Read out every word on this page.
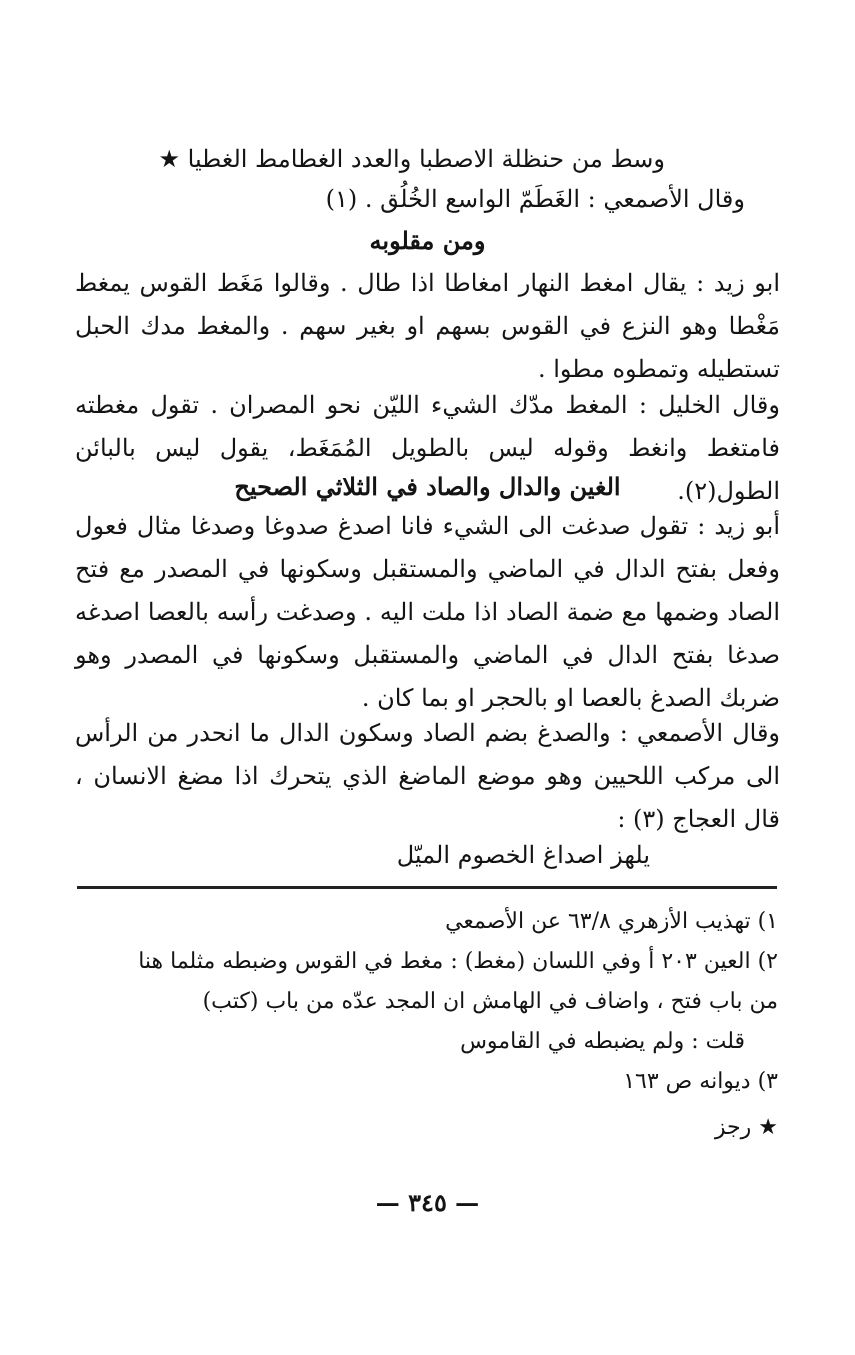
وسط من حنظلة الاصطبا والعدد الغطامط الغطيا ★
وقال الأصمعي : الغَطَمّ الواسع الخُلُق . (١)
ومن مقلوبه
ابو زيد : يقال امغط النهار امغاطا اذا طال . وقالوا مَغَط القوس يمغط مَغْطا وهو النزع في القوس بسهم او بغير سهم . والمغط مدك الحبل تستطيله وتمطوه مطوا .
وقال الخليل : المغط مدّك الشيء الليّن نحو المصران . تقول مغطته فامتغط وانغط وقوله ليس بالطويل المُمَغَط، يقول ليس بالبائن الطول(٢).
الغين والدال والصاد في الثلاثي الصحيح
أبو زيد : تقول صدغت الى الشيء فانا اصدغ صدوغا وصدغا مثال فعول وفعل بفتح الدال في الماضي والمستقبل وسكونها في المصدر مع فتح الصاد وضمها مع ضمة الصاد اذا ملت اليه . وصدغت رأسه بالعصا اصدغه صدغا بفتح الدال في الماضي والمستقبل وسكونها في المصدر وهو ضربك الصدغ بالعصا او بالحجر او بما كان .
وقال الأصمعي : والصدغ بضم الصاد وسكون الدال ما انحدر من الرأس الى مركب اللحيين وهو موضع الماضغ الذي يتحرك اذا مضغ الانسان ، قال العجاج (٣) :
يلهز اصداغ الخصوم الميّل
١) تهذيب الأزهري ٦٣/٨ عن الأصمعي
٢) العين ٢٠٣ أ وفي اللسان (مغط) : مغط في القوس وضبطه مثلما هنا
من باب فتح ، واضاف في الهامش ان المجد عدّه من باب (كتب)
قلت : ولم يضبطه في القاموس
٣) ديوانه ص ١٦٣
★ رجز
— ٣٤٥ —
